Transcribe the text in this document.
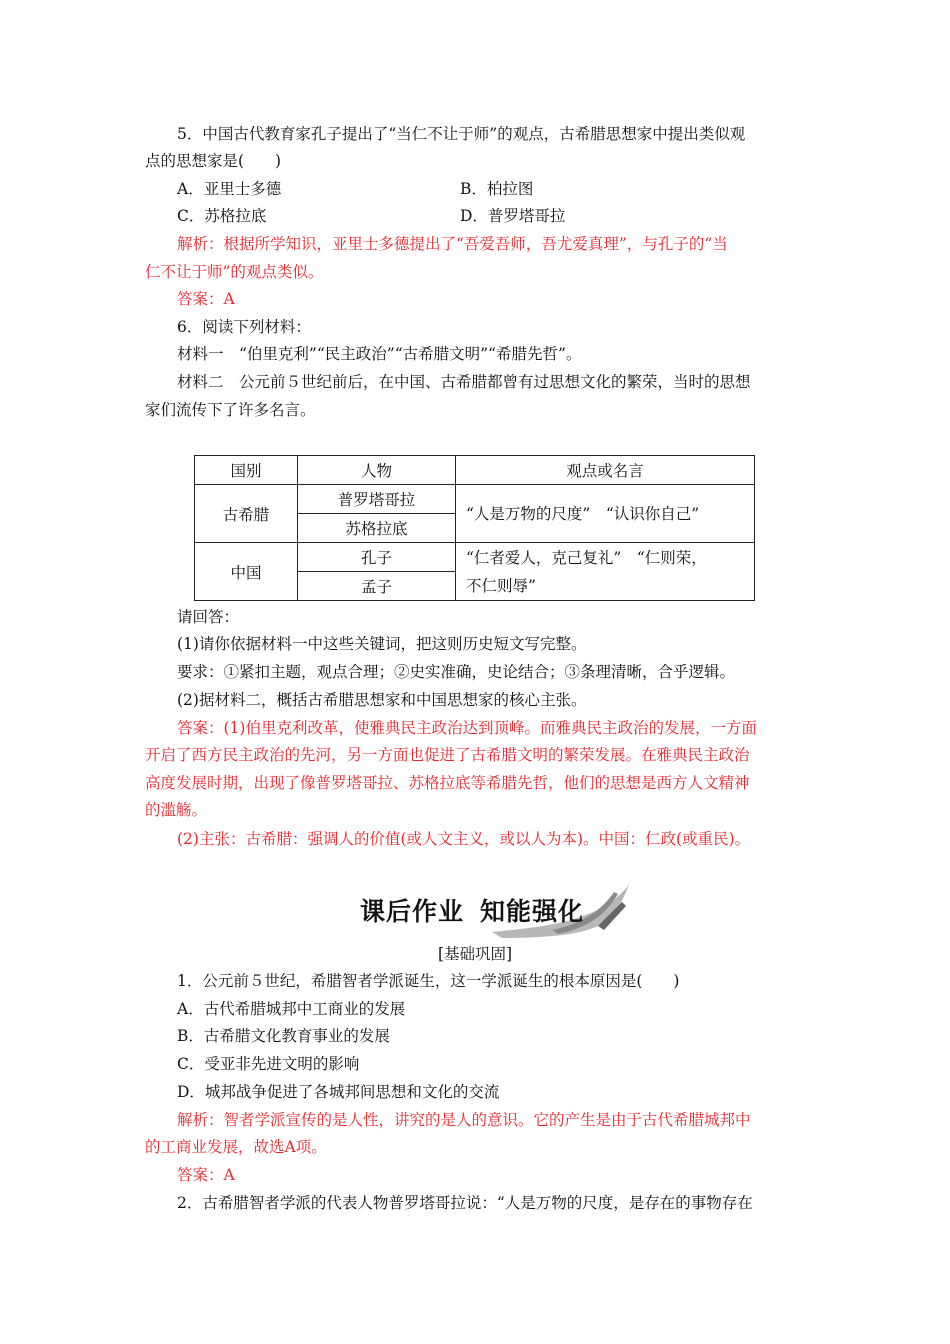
5．中国古代教育家孔子提出了“当仁不让于师”的观点，古希腊思想家中提出类似观
点的思想家是(　　)
A．亚里士多德	B．柏拉图
C．苏格拉底	D．普罗塔哥拉
解析：根据所学知识，亚里士多德提出了“吾爱吾师，吾尤爱真理”，与孔子的“当
仁不让于师”的观点类似。
答案：A
6．阅读下列材料：
材料一　“伯里克利”“民主政治”“古希腊文明”“希腊先哲”。
材料二　公元前５世纪前后，在中国、古希腊都曾有过思想文化的繁荣，当时的思想
家们流传下了许多名言。
国别	人物	观点或名言
古希腊	普罗塔哥拉	“人是万物的尺度”　“认识你自己”
	苏格拉底	
中国	孔子	“仁者爱人，克己复礼”　“仁则荣，
不仁则辱”

	孟子	
请回答：
(1)请你依据材料一中这些关键词，把这则历史短文写完整。
要求：①紧扣主题，观点合理；②史实准确，史论结合；③条理清晰，合乎逻辑。
(2)据材料二，概括古希腊思想家和中国思想家的核心主张。
答案：(1)伯里克利改革，使雅典民主政治达到顶峰。而雅典民主政治的发展，一方面
开启了西方民主政治的先河，另一方面也促进了古希腊文明的繁荣发展。在雅典民主政治
高度发展时期，出现了像普罗塔哥拉、苏格拉底等希腊先哲，他们的思想是西方人文精神
的滥觞。
(2)主张：古希腊：强调人的价值(或人文主义，或以人为本)。中国：仁政(或重民)。
课后作业 知能强化
[基础巩固]
1．公元前５世纪，希腊智者学派诞生，这一学派诞生的根本原因是(　　)
A．古代希腊城邦中工商业的发展
B．古希腊文化教育事业的发展
C．受亚非先进文明的影响
D．城邦战争促进了各城邦间思想和文化的交流
解析：智者学派宣传的是人性，讲究的是人的意识。它的产生是由于古代希腊城邦中
的工商业发展，故选A项。
答案：A
2．古希腊智者学派的代表人物普罗塔哥拉说：“人是万物的尺度，是存在的事物存在
